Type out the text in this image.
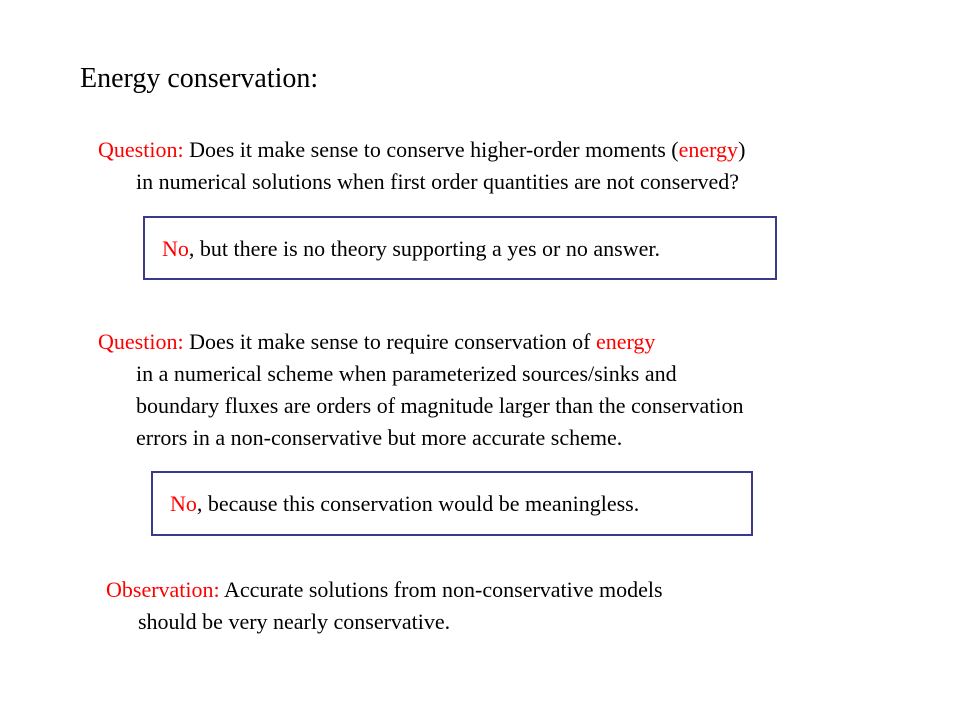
Energy conservation:
Question: Does it make sense to conserve higher-order moments (energy)
in numerical solutions when first order quantities are not conserved?
No, but there is no theory supporting a yes or no answer.
Question: Does it make sense to require conservation of energy
in a numerical scheme when parameterized sources/sinks and
boundary fluxes are orders of magnitude larger than the conservation
errors in a non-conservative but more accurate scheme.
No, because this conservation would be meaningless.
Observation: Accurate solutions from non-conservative models
should be very nearly conservative.
